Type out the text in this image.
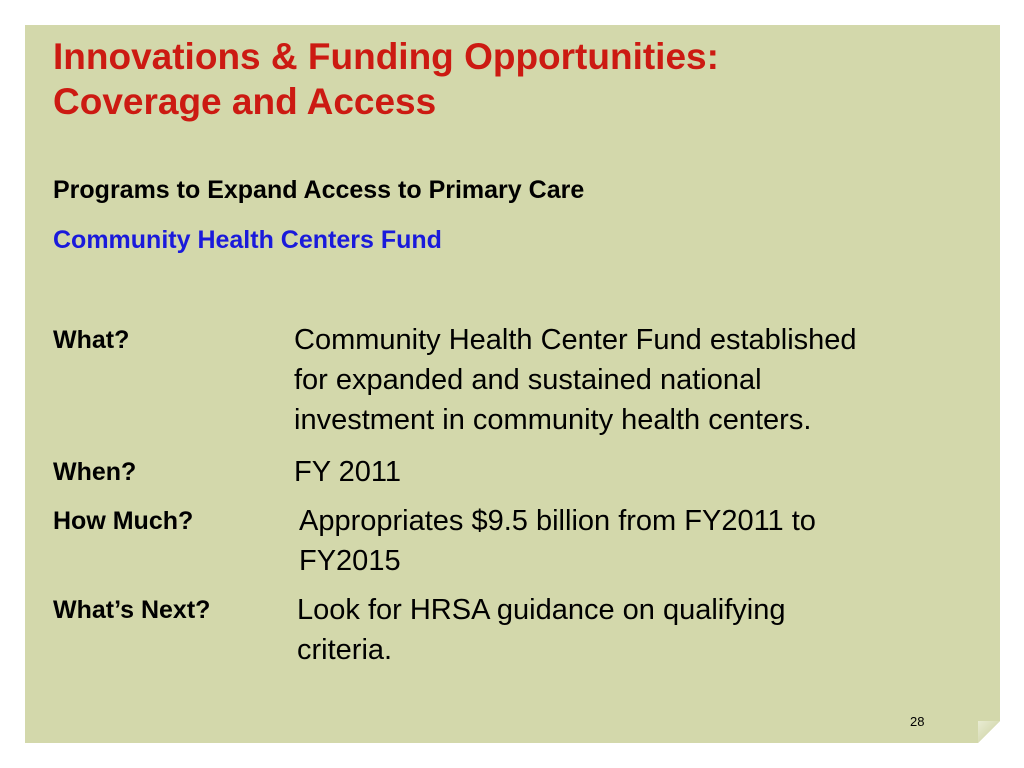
Innovations & Funding Opportunities:
Coverage and Access
Programs to Expand Access to Primary Care
Community Health Centers Fund
What?	Community Health Center Fund established
for expanded and sustained national
investment in community health centers.
When?	FY 2011
How Much?	Appropriates $9.5 billion from FY2011 to
FY2015
What’s Next?	Look for HRSA guidance on qualifying
criteria.
28
